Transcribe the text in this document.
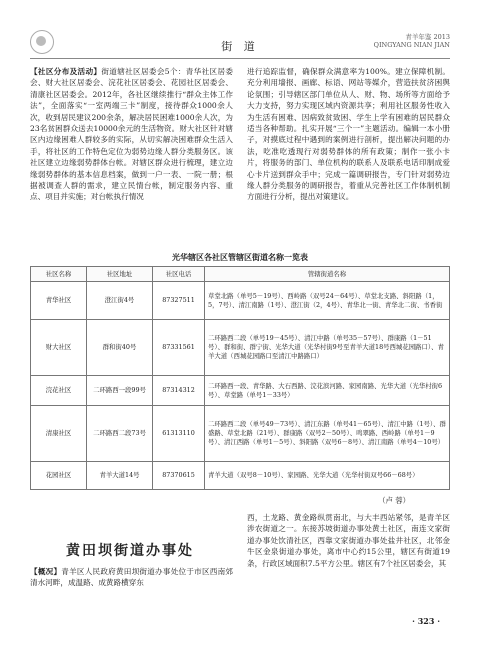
街 道
青羊年鉴 2013
QINGYANG NIAN JIAN

【社区分布及活动】街道辖社区居委会5个：青华社区居委会、财大社区居委会、浣花社区居委会、花园社区居委会、清康社区居委会。2012年，各社区继续推行“群众主体工作法”，全面落实“一室两端三卡”制度，接待群众1000余人次，收到居民建议200余条，解决居民困难1000余人次，为23名贫困群众送去10000余元的生活物资。财大社区针对辖区内边缘困难人群较多的实际，从切实解决困难群众生活入手，将社区的工作特色定位为弱势边缘人群分类服务区。该社区建立边缘弱势群体台帐。对辖区群众进行梳理，建立边缘弱势群体的基本信息档案，做到一户一表、一院一册；根据被调查人群的需求，建立民情台帐，制定服务内容、重点、项目并实施；对台帐执行情况

进行追踪监督，确保群众满意率为100%。建立保障机制。充分利用墙报、画廊、标语、网站等媒介，营造扶贫济困舆论氛围；引导辖区部门单位从人、财、物、场所等方面给予大力支持，努力实现区域内资源共享；利用社区服务性收入为生活有困难、因病致贫致困、学生上学有困难的居民群众适当各种帮助。扎实开展“三个一”主题活动。编辑一本小册子，对摸底过程中遇到的案例进行剖析，提出解决问题的办法，吃准吃透现行对弱势群体的所有政策；制作一张小卡片，将服务的部门、单位机构的联系人及联系电话印制成爱心卡片送到群众手中；完成一篇调研报告，专门针对弱势边缘人群分类服务的调研报告，着重从完善社区工作体制机制方面进行分析，提出对策建议。

光华辖区各社区管辖区街道名称一览表
社区名称	社区地址	社区电话	管辖街道名称
青华社区	澄江街4号	87327511	草堂北路（单号5－19号）、西岭路（双号24－64号）、草堂北支路、斜阳路（1，5，7号）、清江南路（1号）、澄江街（2，4号）、青华北一街、青华北二街、书香街
财大社区	群和街40号	87331561	二环路西二段（单号19－45号）、清江中路（单号35－57号）、群康路（1－51号）、群和街、群宁街、光华大道（光华村街9号至青羊大道18号西城花园路口）、青羊大道（西城花园路口至清江中路路口）
浣花社区	二环路西一段99号	87314312	二环路西一段、青华路、大石西路、浣花滨河路、家园南路、光华大道（光华村街6号）、草堂路（单号1－33号）
清康社区	二环路西二段73号	61313110	二环路西二段（单号49－73号）、清江东路（单号41－65号）、清江中路（1号）、群盛路、草堂北路（21号）、群康路（双号2－50号）、鸣翠路、西岭路（单号1－9号）、清江西路（单号1－5号）、斜阳路（双号6－8号）、清江南路（单号4－10号）
花园社区	青羊大道14号	87370615	青羊大道（双号8－10号）、家园路、光华大道（光华村街双号66－68号）
（卢 蓉）
黄田坝街道办事处

【概况】青羊区人民政府黄田坝街道办事处位于市区西南郊清水河畔，成温路、成黄路横穿东

西，土龙路、黄金路纵贯南北，与大丰西站紧邻，是青羊区涉农街道之一。东接苏坡街道办事处黄土社区，南连文家街道办事处饮清社区，西靠文家街道办事处盐井社区，北邻金牛区金泉街道办事处，离市中心约15公里，辖区有街道19条，行政区域面积7.5平方公里。辖区有7个社区居委会，其

· 323 ·
